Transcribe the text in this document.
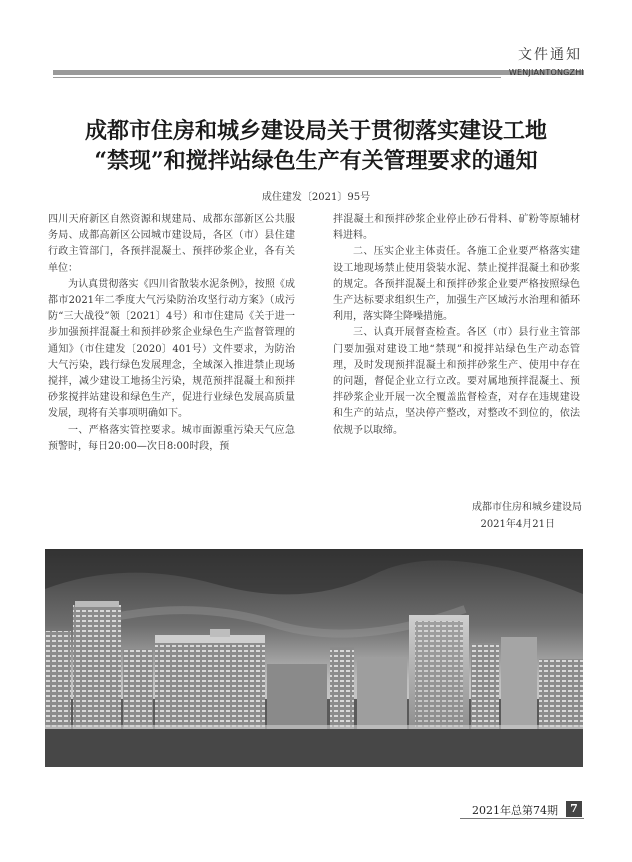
文件通知
WENJIANTONGZHI
成都市住房和城乡建设局关于贯彻落实建设工地
“禁现”和搅拌站绿色生产有关管理要求的通知
成住建发〔2021〕95号

四川天府新区自然资源和规建局、成都东部新区公共服务局、成都高新区公园城市建设局，各区（市）县住建行政主管部门，各预拌混凝土、预拌砂浆企业，各有关单位：

为认真贯彻落实《四川省散装水泥条例》，按照《成都市2021年二季度大气污染防治攻坚行动方案》（成污防“三大战役”领〔2021〕4号）和市住建局《关于进一步加强预拌混凝土和预拌砂浆企业绿色生产监督管理的通知》（市住建发〔2020〕401号）文件要求，为防治大气污染，践行绿色发展理念，全域深入推进禁止现场搅拌，减少建设工地扬尘污染，规范预拌混凝土和预拌砂浆搅拌站建设和绿色生产，促进行业绿色发展高质量发展，现将有关事项明确如下。

一、严格落实管控要求。城市面源重污染天气应急预警时，每日20:00—次日8:00时段，预

拌混凝土和预拌砂浆企业停止砂石骨料、矿粉等原辅材料进料。

二、压实企业主体责任。各施工企业要严格落实建设工地现场禁止使用袋装水泥、禁止搅拌混凝土和砂浆的规定。各预拌混凝土和预拌砂浆企业要严格按照绿色生产达标要求组织生产，加强生产区域污水治理和循环利用，落实降尘降噪措施。

三、认真开展督查检查。各区（市）县行业主管部门要加强对建设工地“禁现”和搅拌站绿色生产动态管理，及时发现预拌混凝土和预拌砂浆生产、使用中存在的问题，督促企业立行立改。要对属地预拌混凝土、预拌砂浆企业开展一次全覆盖监督检查，对存在违规建设和生产的站点，坚决停产整改，对整改不到位的，依法依规予以取缔。

成都市住房和城乡建设局
2021年4月21日
2021年总第74期	7
